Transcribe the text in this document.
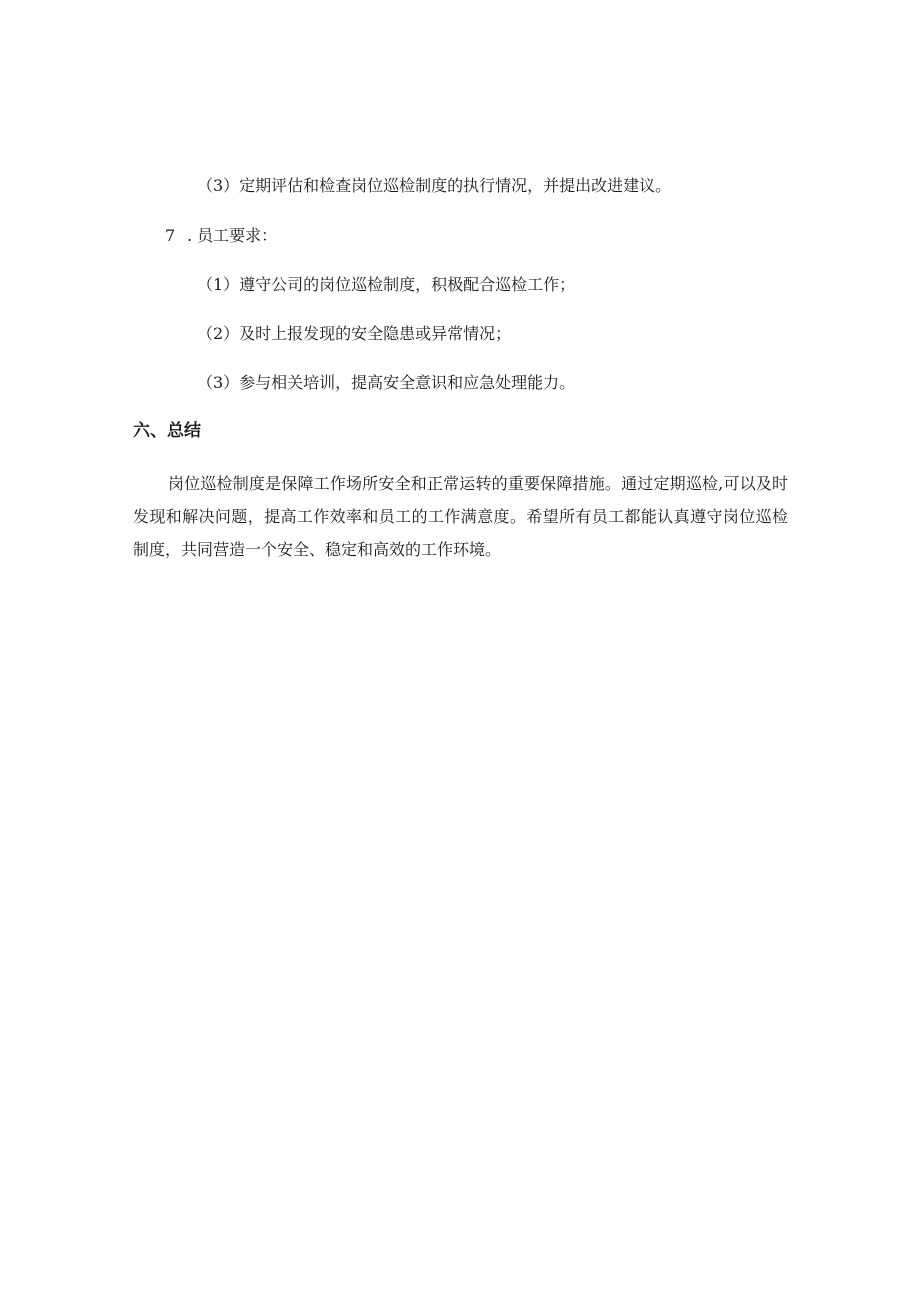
（3）定期评估和检查岗位巡检制度的执行情况，并提出改进建议。
7 . 员工要求：
（1）遵守公司的岗位巡检制度，积极配合巡检工作；
（2）及时上报发现的安全隐患或异常情况；
（3）参与相关培训，提高安全意识和应急处理能力。
六、总结
岗位巡检制度是保障工作场所安全和正常运转的重要保障措施。通过定期巡检,可以及时发现和解决问题，提高工作效率和员工的工作满意度。希望所有员工都能认真遵守岗位巡检制度，共同营造一个安全、稳定和高效的工作环境。
